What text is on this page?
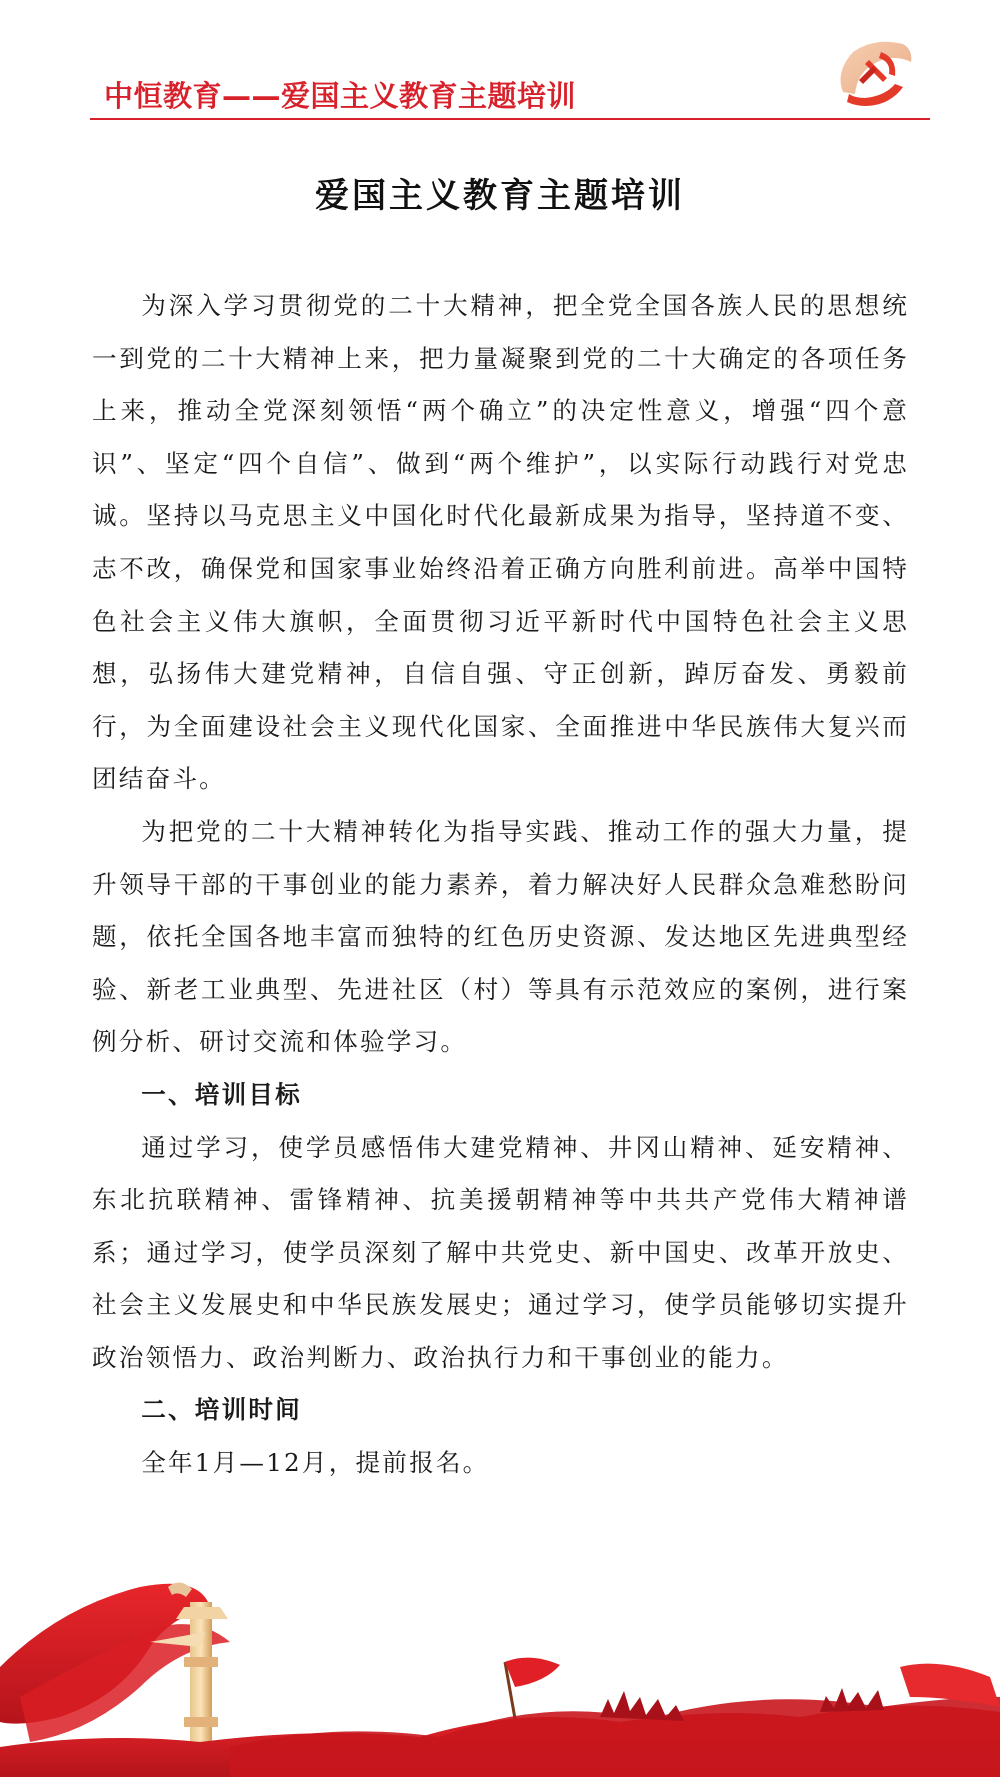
中恒教育——爱国主义教育主题培训
爱国主义教育主题培训

为深入学习贯彻党的二十大精神，把全党全国各族人民的思想统一到党的二十大精神上来，把力量凝聚到党的二十大确定的各项任务上来，推动全党深刻领悟“两个确立”的决定性意义，增强“四个意识”、坚定“四个自信”、做到“两个维护”，以实际行动践行对党忠诚。坚持以马克思主义中国化时代化最新成果为指导，坚持道不变、志不改，确保党和国家事业始终沿着正确方向胜利前进。高举中国特色社会主义伟大旗帜，全面贯彻习近平新时代中国特色社会主义思想，弘扬伟大建党精神，自信自强、守正创新，踔厉奋发、勇毅前行，为全面建设社会主义现代化国家、全面推进中华民族伟大复兴而团结奋斗。

为把党的二十大精神转化为指导实践、推动工作的强大力量，提升领导干部的干事创业的能力素养，着力解决好人民群众急难愁盼问题，依托全国各地丰富而独特的红色历史资源、发达地区先进典型经验、新老工业典型、先进社区（村）等具有示范效应的案例，进行案例分析、研讨交流和体验学习。

一、培训目标

通过学习，使学员感悟伟大建党精神、井冈山精神、延安精神、东北抗联精神、雷锋精神、抗美援朝精神等中共共产党伟大精神谱系；通过学习，使学员深刻了解中共党史、新中国史、改革开放史、社会主义发展史和中华民族发展史；通过学习，使学员能够切实提升政治领悟力、政治判断力、政治执行力和干事创业的能力。

二、培训时间

全年1月—12月，提前报名。
